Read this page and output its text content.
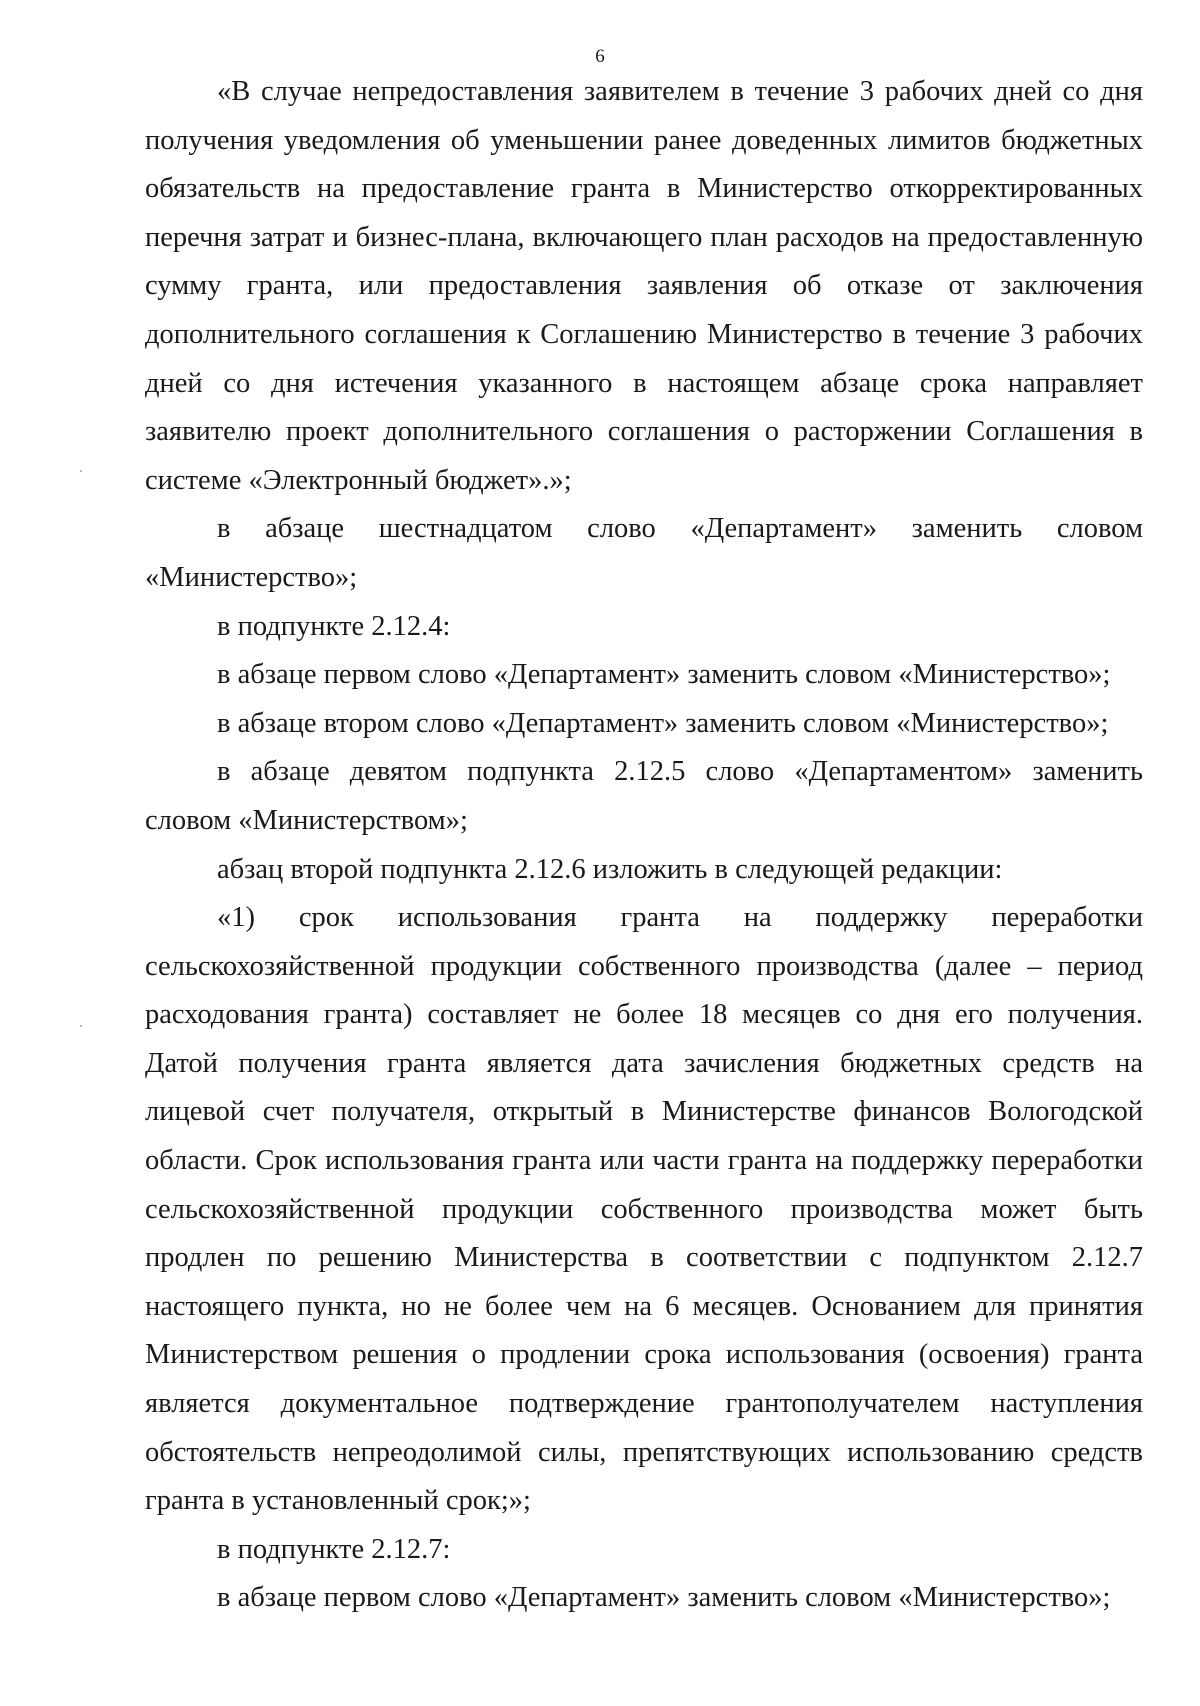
6

«В случае непредоставления заявителем в течение 3 рабочих дней со дня получения уведомления об уменьшении ранее доведенных лимитов бюджетных обязательств на предоставление гранта в Министерство откорректированных перечня затрат и бизнес-плана, включающего план расходов на предоставленную сумму гранта, или предоставления заявления об отказе от заключения дополнительного соглашения к Соглашению Министерство в течение 3 рабочих дней со дня истечения указанного в настоящем абзаце срока направляет заявителю проект дополнительного соглашения о расторжении Соглашения в системе «Электронный бюджет».»;

в абзаце шестнадцатом слово «Департамент» заменить словом «Министерство»;

в подпункте 2.12.4:

в абзаце первом слово «Департамент» заменить словом «Министерство»;

в абзаце втором слово «Департамент» заменить словом «Министерство»;

в абзаце девятом подпункта 2.12.5 слово «Департаментом» заменить словом «Министерством»;

абзац второй подпункта 2.12.6 изложить в следующей редакции:

«1) срок использования гранта на поддержку переработки сельскохозяйственной продукции собственного производства (далее – период расходования гранта) составляет не более 18 месяцев со дня его получения. Датой получения гранта является дата зачисления бюджетных средств на лицевой счет получателя, открытый в Министерстве финансов Вологодской области. Срок использования гранта или части гранта на поддержку переработки сельскохозяйственной продукции собственного производства может быть продлен по решению Министерства в соответствии с подпунктом 2.12.7 настоящего пункта, но не более чем на 6 месяцев. Основанием для принятия Министерством решения о продлении срока использования (освоения) гранта является документальное подтверждение грантополучателем наступления обстоятельств непреодолимой силы, препятствующих использованию средств гранта в установленный срок;»;

в подпункте 2.12.7:

в абзаце первом слово «Департамент» заменить словом «Министерство»;
